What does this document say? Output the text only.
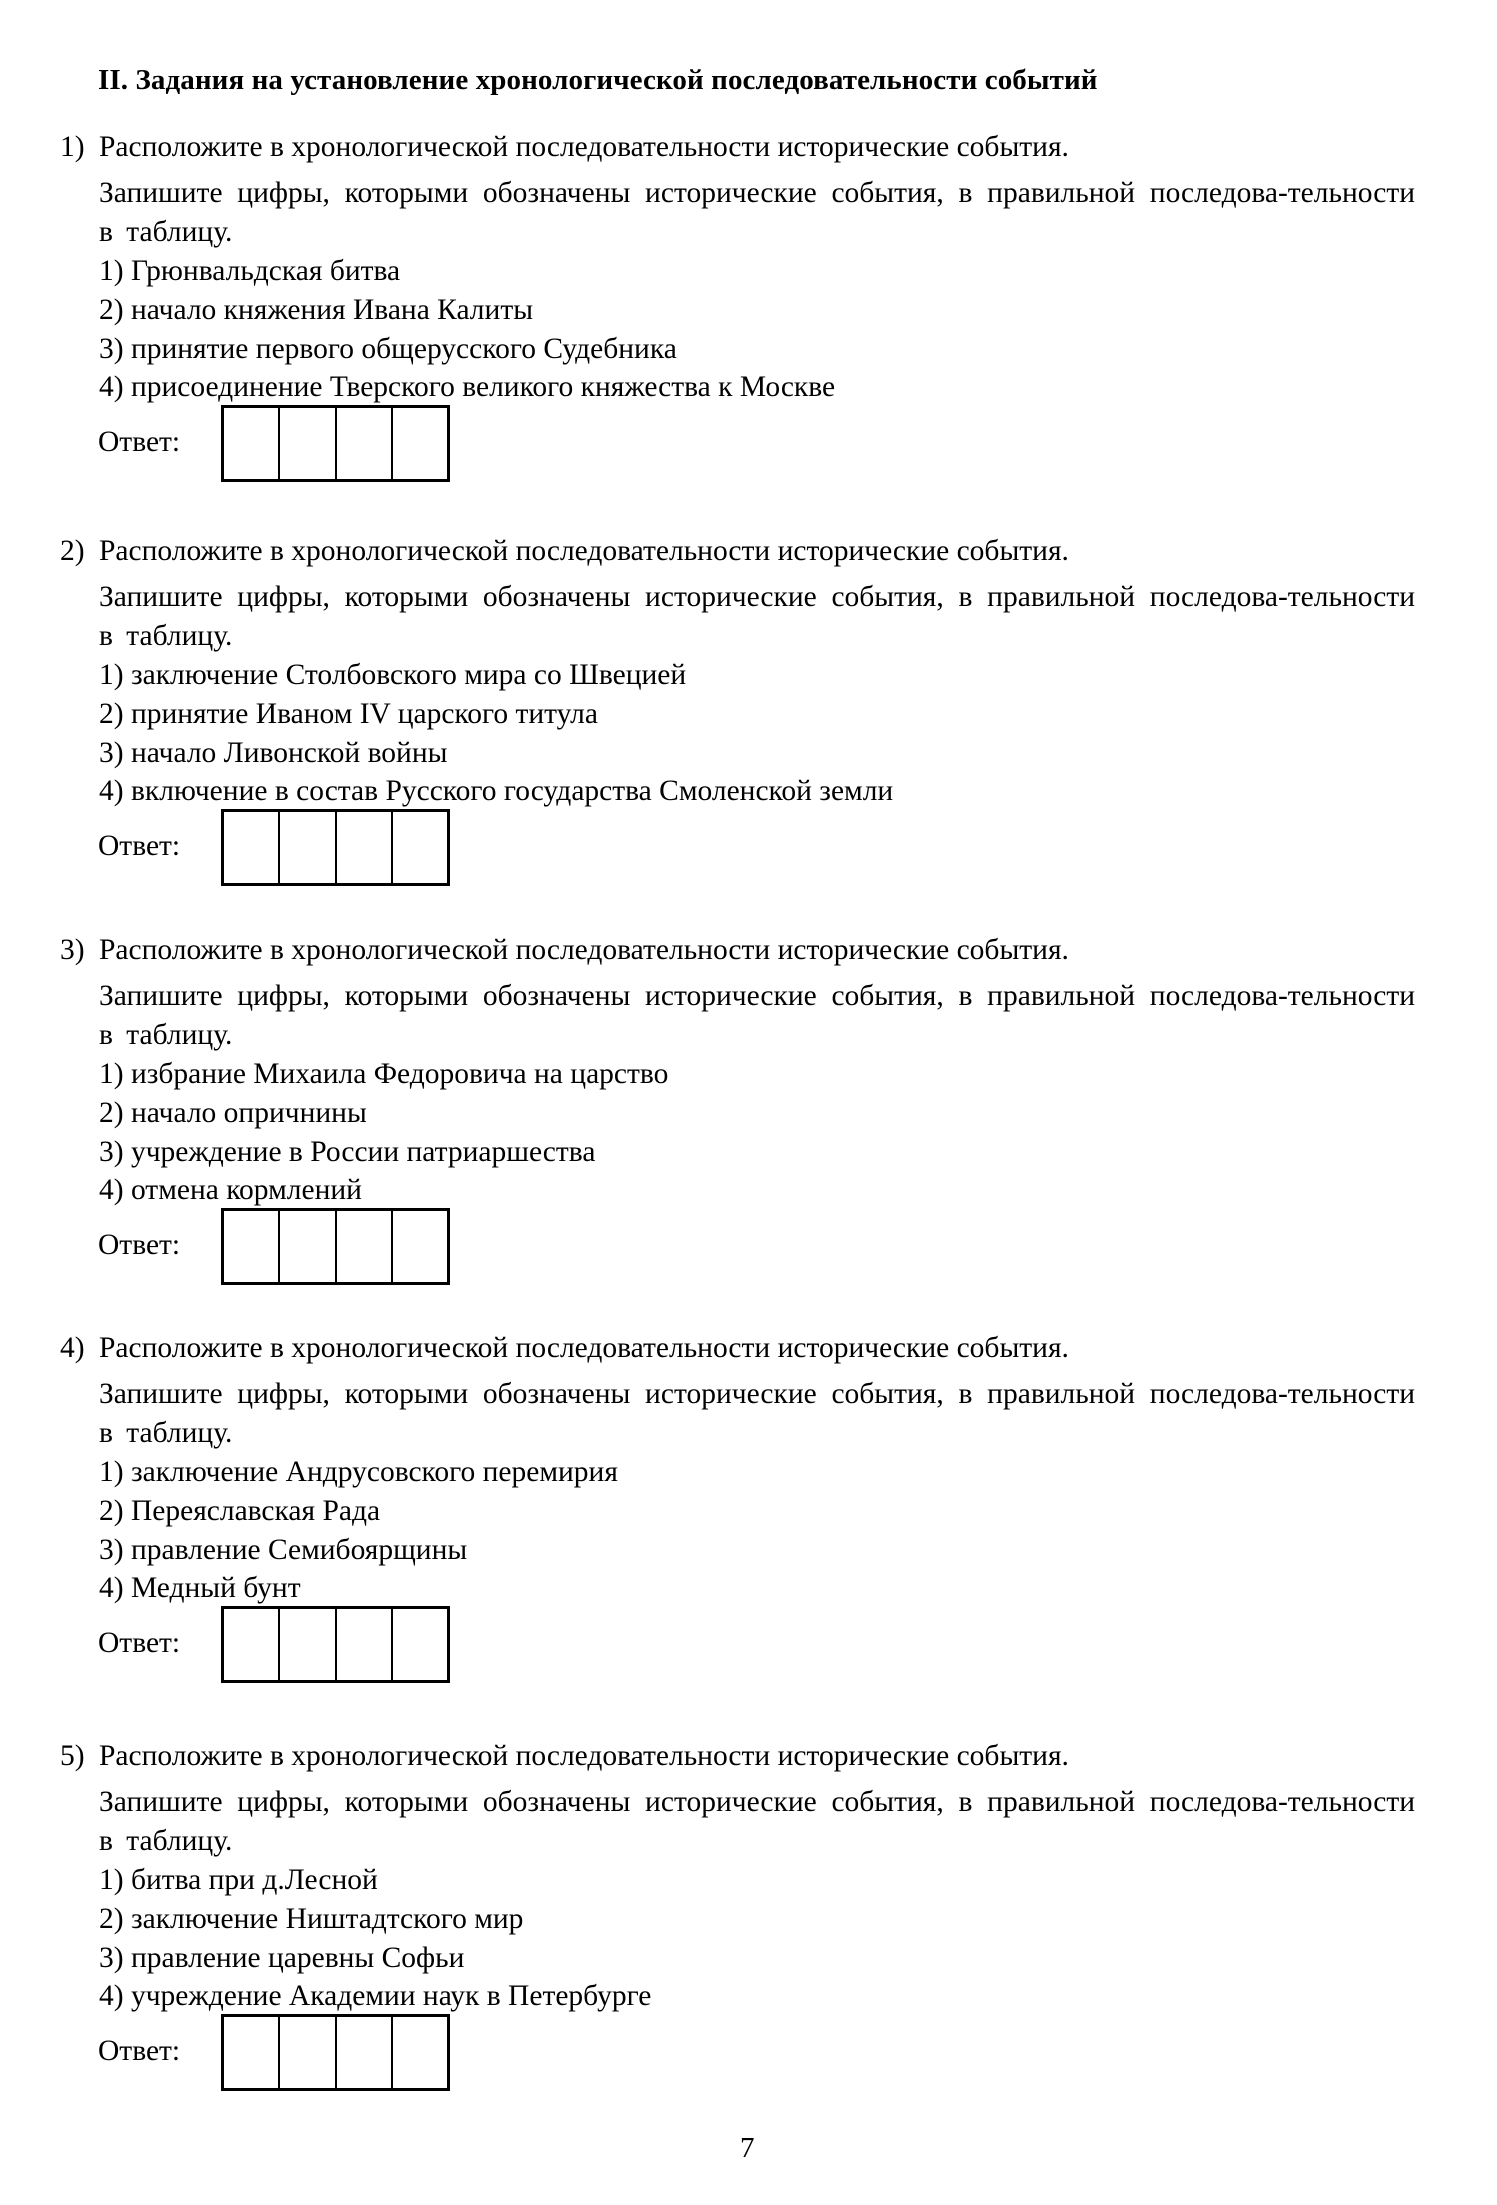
II. Задания на установление хронологической последовательности событий
1) Расположите в хронологической последовательности исторические события.
Запишите цифры, которыми обозначены исторические события, в правильной последова-тельности в таблицу.
1) Грюнвальдская битва
2) начало княжения Ивана Калиты
3) принятие первого общерусского Судебника
4) присоединение Тверского великого княжества к Москве
Ответ:
2) Расположите в хронологической последовательности исторические события.
Запишите цифры, которыми обозначены исторические события, в правильной последова-тельности в таблицу.
1) заключение Столбовского мира со Швецией
2) принятие Иваном IV царского титула
3) начало Ливонской войны
4) включение в состав Русского государства Смоленской земли
Ответ:
3) Расположите в хронологической последовательности исторические события.
Запишите цифры, которыми обозначены исторические события, в правильной последова-тельности в таблицу.
1) избрание Михаила Федоровича на царство
2) начало опричнины
3) учреждение в России патриаршества
4) отмена кормлений
Ответ:
4) Расположите в хронологической последовательности исторические события.
Запишите цифры, которыми обозначены исторические события, в правильной последова-тельности в таблицу.
1) заключение Андрусовского перемирия
2) Переяславская Рада
3) правление Семибоярщины
4) Медный бунт
Ответ:
5) Расположите в хронологической последовательности исторические события.
Запишите цифры, которыми обозначены исторические события, в правильной последова-тельности в таблицу.
1) битва при д.Лесной
2) заключение Ништадтского мир
3) правление царевны Софьи
4) учреждение Академии наук в Петербурге
Ответ:
7
